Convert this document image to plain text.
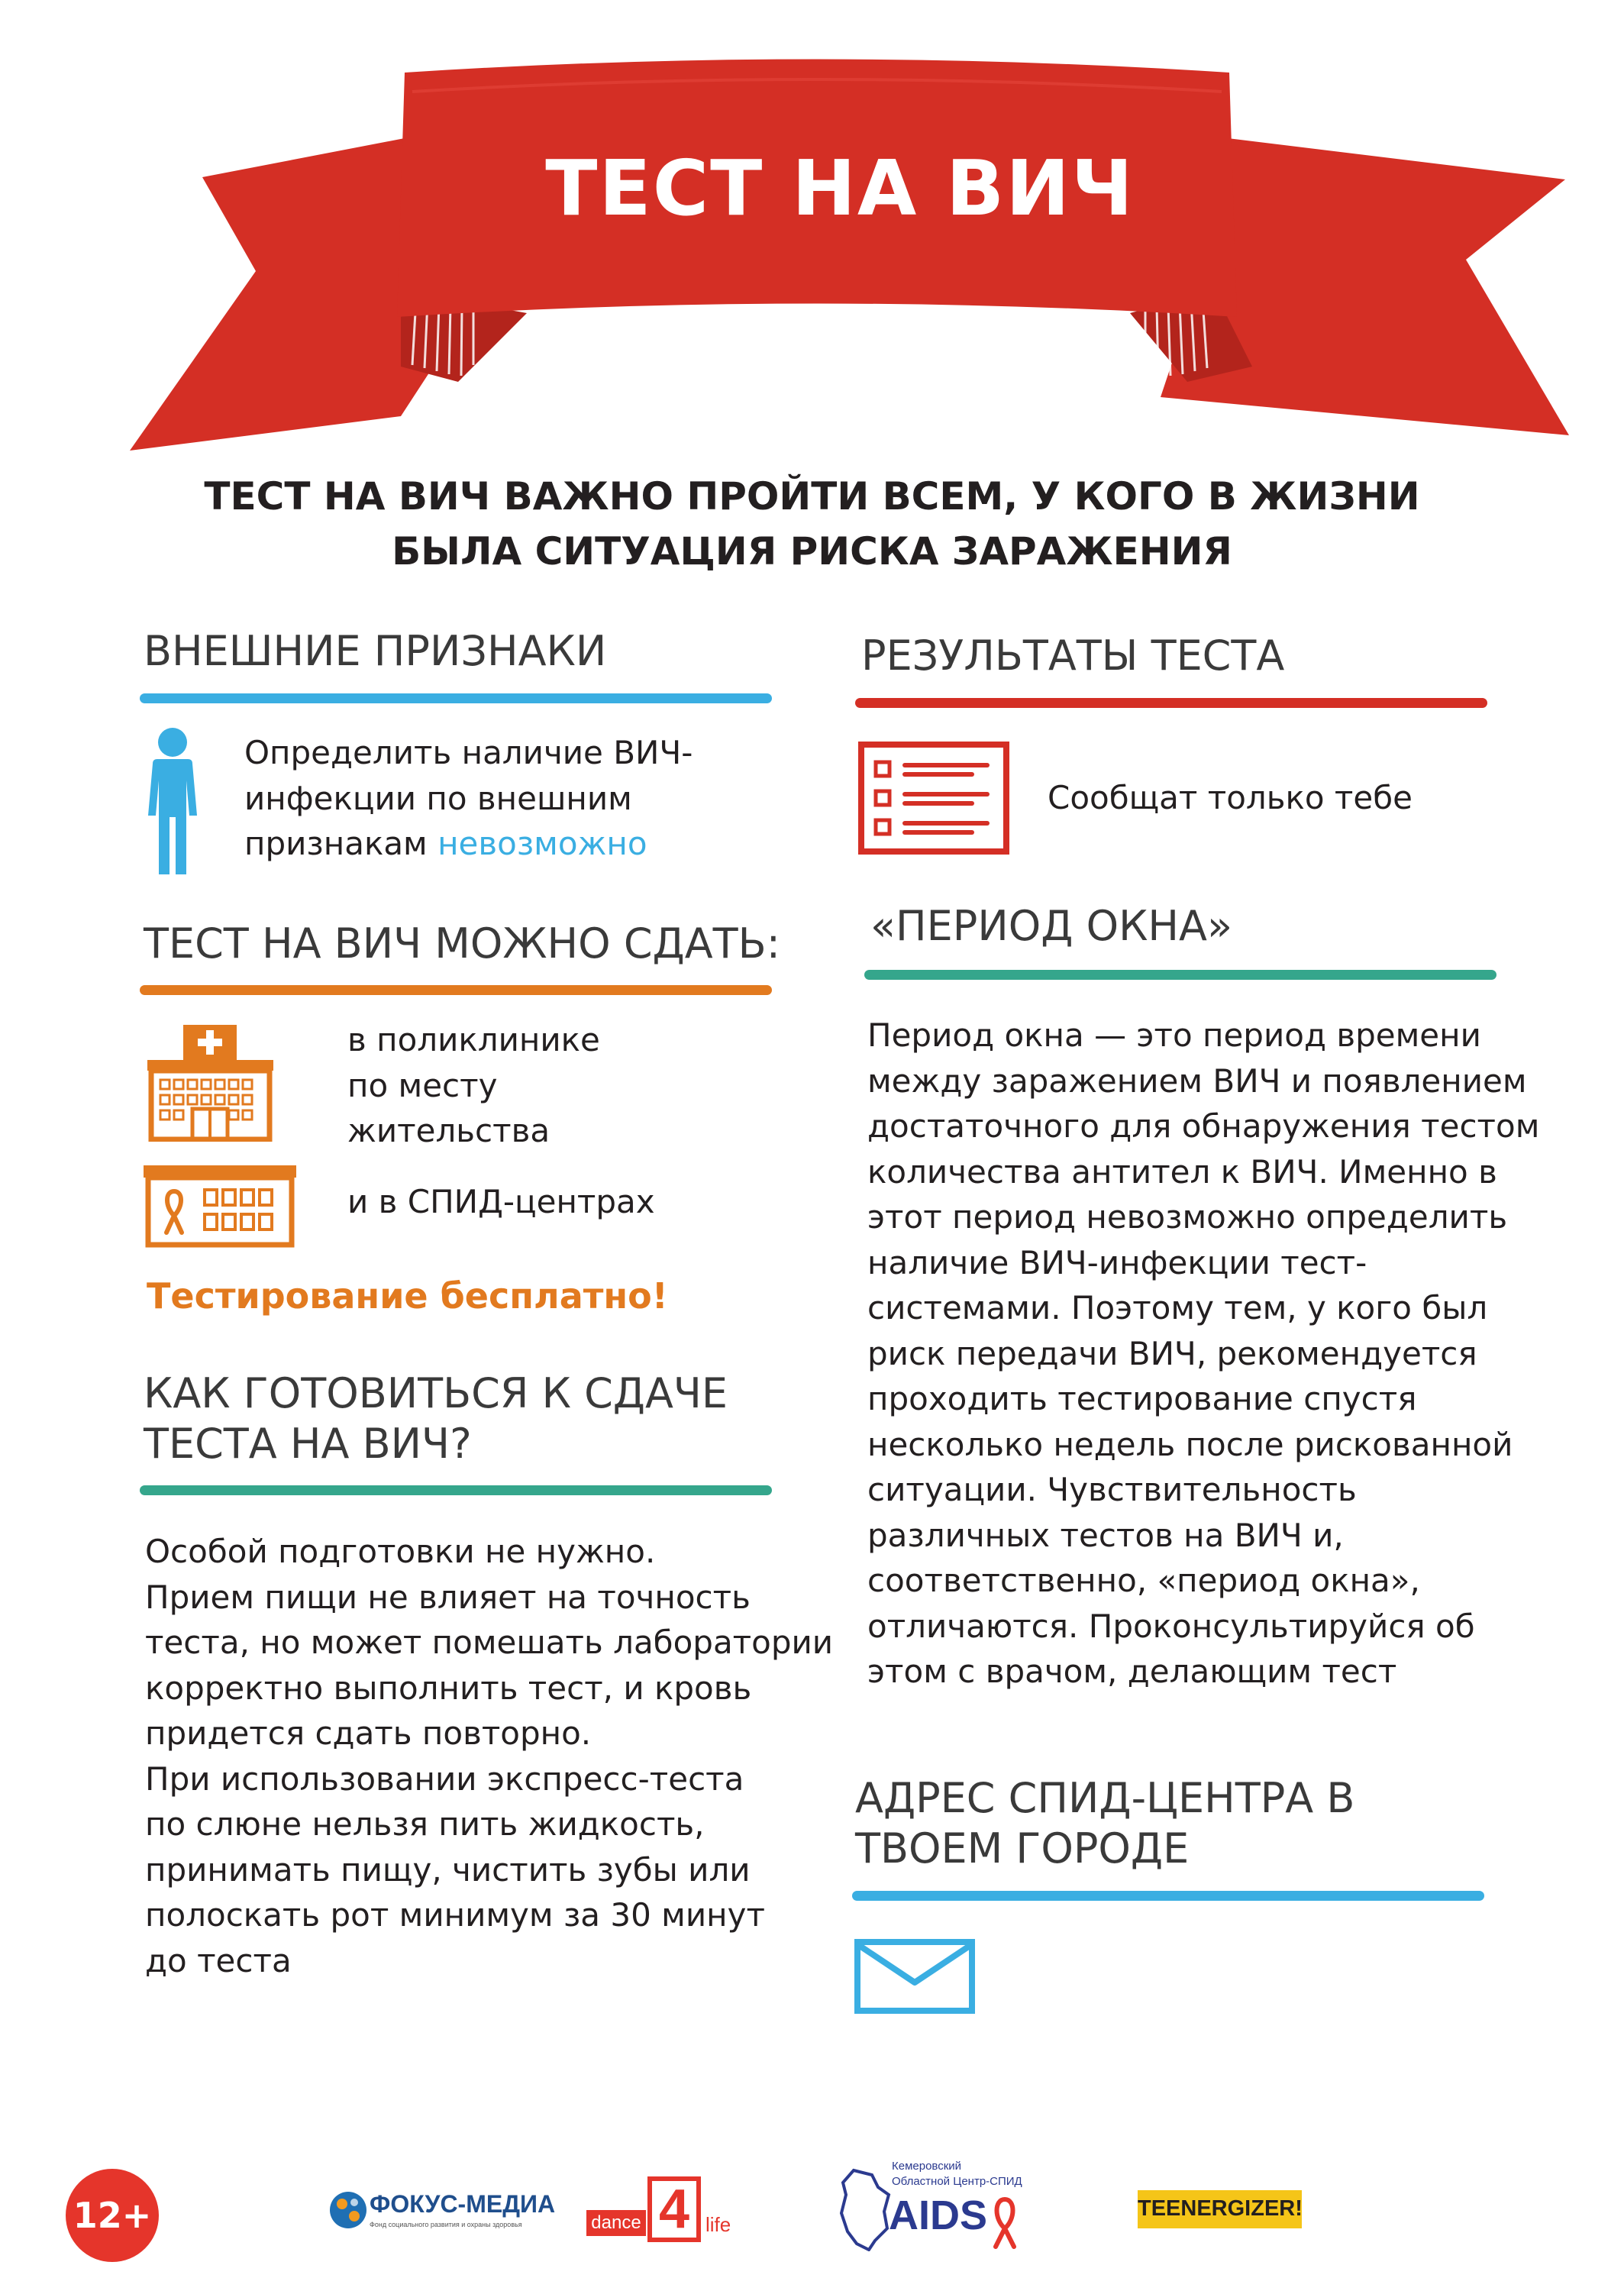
ТЕСТ НА ВИЧ
ТЕСТ НА ВИЧ ВАЖНО ПРОЙТИ ВСЕМ, У КОГО В ЖИЗНИ
БЫЛА СИТУАЦИЯ РИСКА ЗАРАЖЕНИЯ
ВНЕШНИЕ ПРИЗНАКИ
Определить наличие ВИЧ-
инфекции по внешним
признакам невозможно
ТЕСТ НА ВИЧ МОЖНО СДАТЬ:
в поликлинике
по месту
жительства
и в СПИД-центрах
Тестирование бесплатно!
КАК ГОТОВИТЬСЯ К СДАЧЕ
ТЕСТА НА ВИЧ?
Особой подготовки не нужно.
Прием пищи не влияет на точность
теста, но может помешать лаборатории
корректно выполнить тест, и кровь
придется сдать повторно.
При использовании экспресс-теста
по слюне нельзя пить жидкость,
принимать пищу, чистить зубы или
полоскать рот минимум за 30 минут
до теста
РЕЗУЛЬТАТЫ ТЕСТА
Сообщат только тебе
«ПЕРИОД ОКНА»
Период окна — это период времени
между заражением ВИЧ и появлением
достаточного для обнаружения тестом
количества антител к ВИЧ. Именно в
этот период невозможно определить
наличие ВИЧ-инфекции тест-
системами. Поэтому тем, у кого был
риск передачи ВИЧ, рекомендуется
проходить тестирование спустя
несколько недель после рискованной
ситуации. Чувствительность
различных тестов на ВИЧ и,
соответственно, «период окна»,
отличаются. Проконсультируйся об
этом с врачом, делающим тест
АДРЕС СПИД-ЦЕНТРА В
ТВОЕМ ГОРОДЕ
12+	ФОКУС-МЕДИА
Фонд социального развития и охраны здоровья	dance 4 life
Кемеровский
Областной Центр-СПИД
AIDS	TEENERGIZER!
